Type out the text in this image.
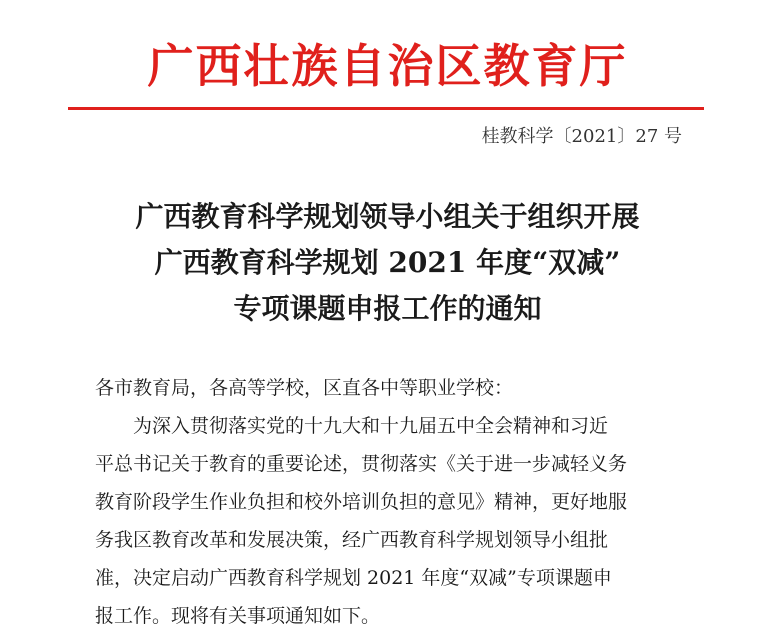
广西壮族自治区教育厅
桂教科学〔2021〕27 号
广西教育科学规划领导小组关于组织开展
广西教育科学规划 2021 年度“双减”
专项课题申报工作的通知
各市教育局，各高等学校，区直各中等职业学校：
为深入贯彻落实党的十九大和十九届五中全会精神和习近
平总书记关于教育的重要论述，贯彻落实《关于进一步减轻义务
教育阶段学生作业负担和校外培训负担的意见》精神，更好地服
务我区教育改革和发展决策，经广西教育科学规划领导小组批
准，决定启动广西教育科学规划 2021 年度“双减”专项课题申
报工作。现将有关事项通知如下。
